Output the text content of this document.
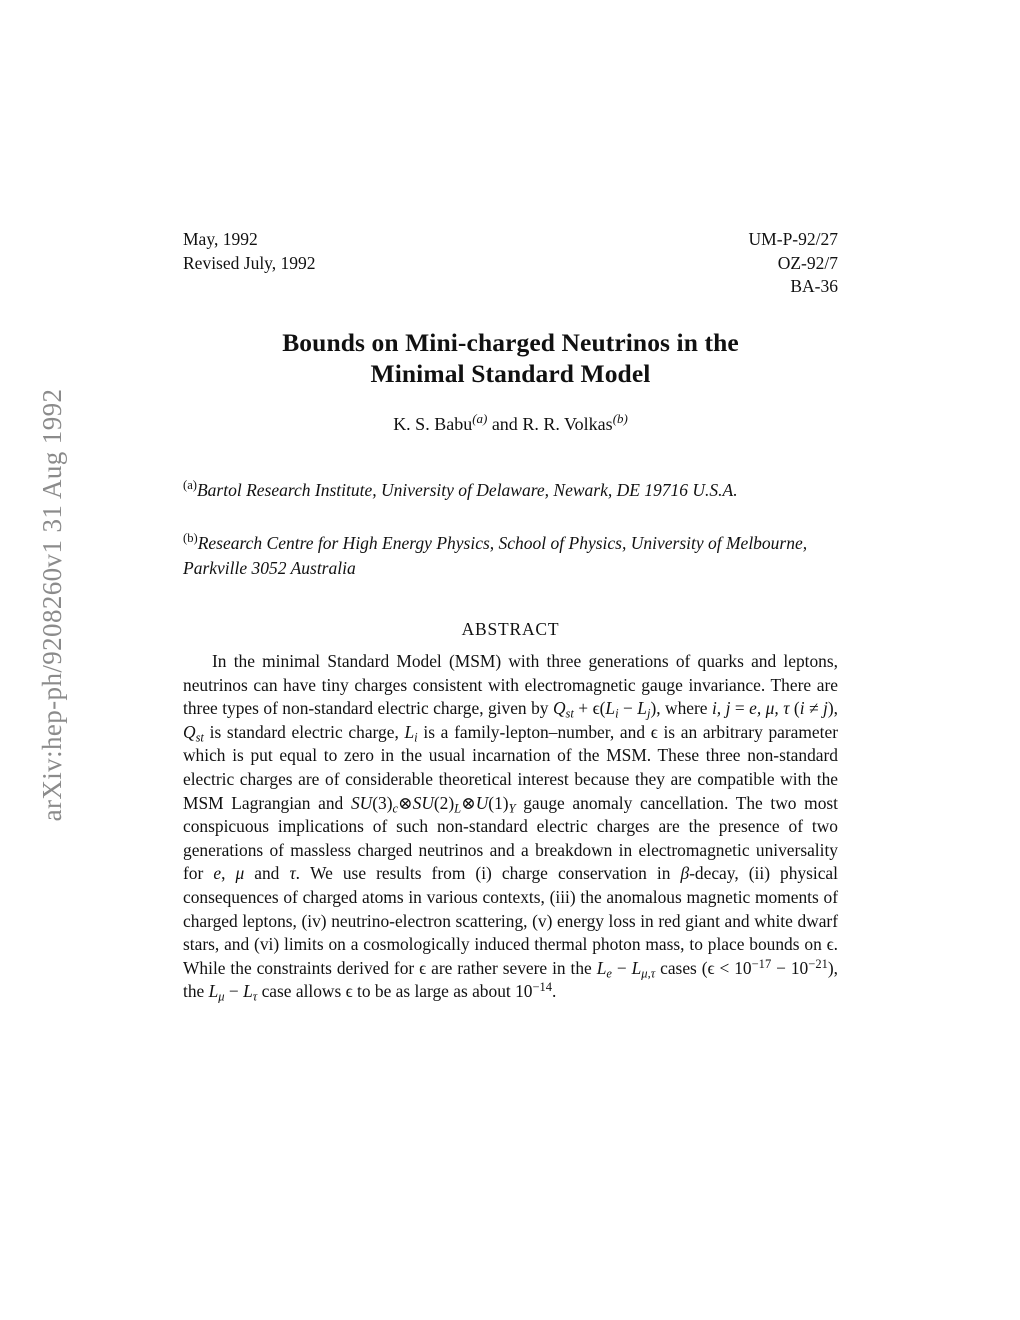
arXiv:hep-ph/9208260v1 31 Aug 1992
May, 1992	UM-P-92/27
Revised July, 1992	OZ-92/7
BA-36
Bounds on Mini-charged Neutrinos in the
Minimal Standard Model
K. S. Babu$^{(a)}$ and R. R. Volkas$^{(b)}$
$^{(a)}$Bartol Research Institute, University of Delaware, Newark, DE 19716 U.S.A.
$^{(b)}$Research Centre for High Energy Physics, School of Physics, University of Melbourne, Parkville 3052 Australia
ABSTRACT

In the minimal Standard Model (MSM) with three generations of quarks and leptons, neutrinos can have tiny charges consistent with electromagnetic gauge invariance. There are three types of non-standard electric charge, given by $Q_{st} + \epsilon(L_i - L_j)$, where i, j = e, μ, τ (i ≠ j), $Q_{st}$ is standard electric charge, $L_i$ is a family-lepton–number, and ϵ is an arbitrary parameter which is put equal to zero in the usual incarnation of the MSM. These three non-standard electric charges are of considerable theoretical interest because they are compatible with the MSM Lagrangian and $SU(3)_c\otimes SU(2)_L\otimes U(1)_Y$ gauge anomaly cancellation. The two most conspicuous implications of such non-standard electric charges are the presence of two generations of massless charged neutrinos and a breakdown in electromagnetic universality for e, μ and τ. We use results from (i) charge conservation in β-decay, (ii) physical consequences of charged atoms in various contexts, (iii) the anomalous magnetic moments of charged leptons, (iv) neutrino-electron scattering, (v) energy loss in red giant and white dwarf stars, and (vi) limits on a cosmologically induced thermal photon mass, to place bounds on ϵ. While the constraints derived for ϵ are rather severe in the $L_e - L_{\mu,\tau}$ cases $(\epsilon < 10^{-17} - 10^{-21})$, the $L_\mu - L_\tau$ case allows ϵ to be as large as about $10^{-14}$.
